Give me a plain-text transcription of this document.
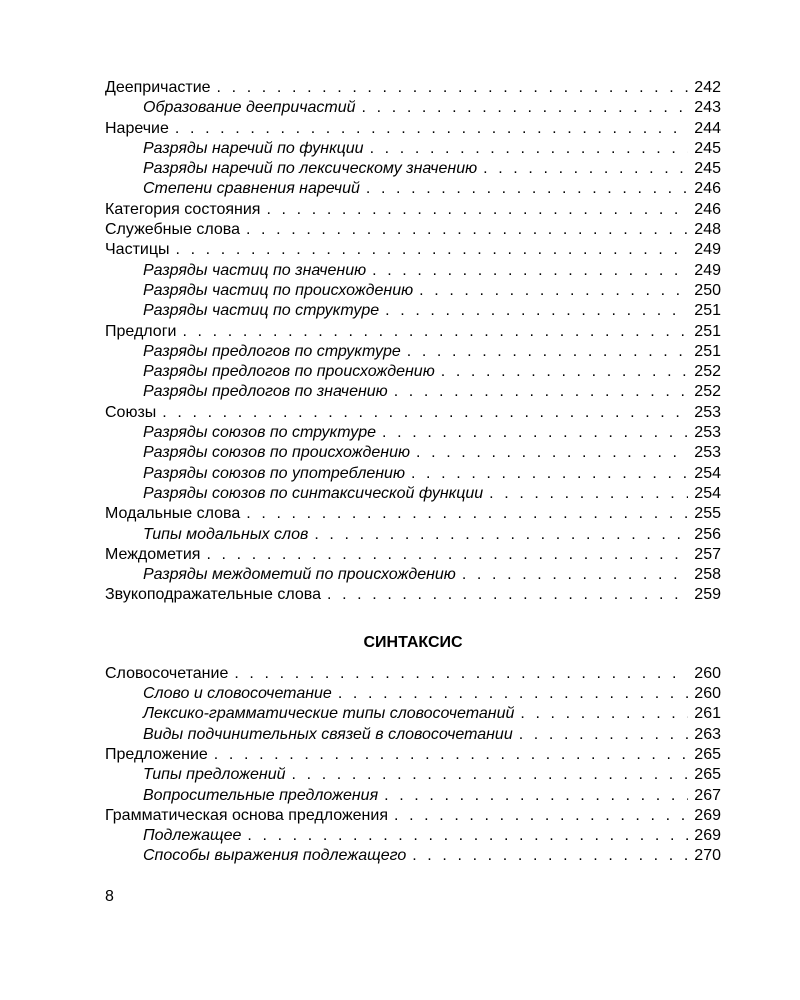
Деепричастие . . .	242
Образование деепричастий . . .	243
Наречие . . .	244
Разряды наречий по функции . . .	245
Разряды наречий по лексическому значению . . .	245
Степени сравнения наречий . . .	246
Категория состояния . . .	246
Служебные слова . . .	248
Частицы . . .	249
Разряды частиц по значению . . .	249
Разряды частиц по происхождению . . .	250
Разряды частиц по структуре . . .	251
Предлоги . . .	251
Разряды предлогов по структуре . . .	251
Разряды предлогов по происхождению . . .	252
Разряды предлогов по значению . . .	252
Союзы . . .	253
Разряды союзов по структуре . . .	253
Разряды союзов по происхождению . . .	253
Разряды союзов по употреблению . . .	254
Разряды союзов по синтаксической функции . . .	254
Модальные слова . . .	255
Типы модальных слов . . .	256
Междометия . . .	257
Разряды междометий по происхождению . . .	258
Звукоподражательные слова . . .	259
СИНТАКСИС
Словосочетание . . .	260
Слово и словосочетание . . .	260
Лексико-грамматические типы словосочетаний . . .	261
Виды подчинительных связей в словосочетании . . .	263
Предложение . . .	265
Типы предложений . . .	265
Вопросительные предложения . . .	267
Грамматическая основа предложения . . .	269
Подлежащее . . .	269
Способы выражения подлежащего . . .	270
8
